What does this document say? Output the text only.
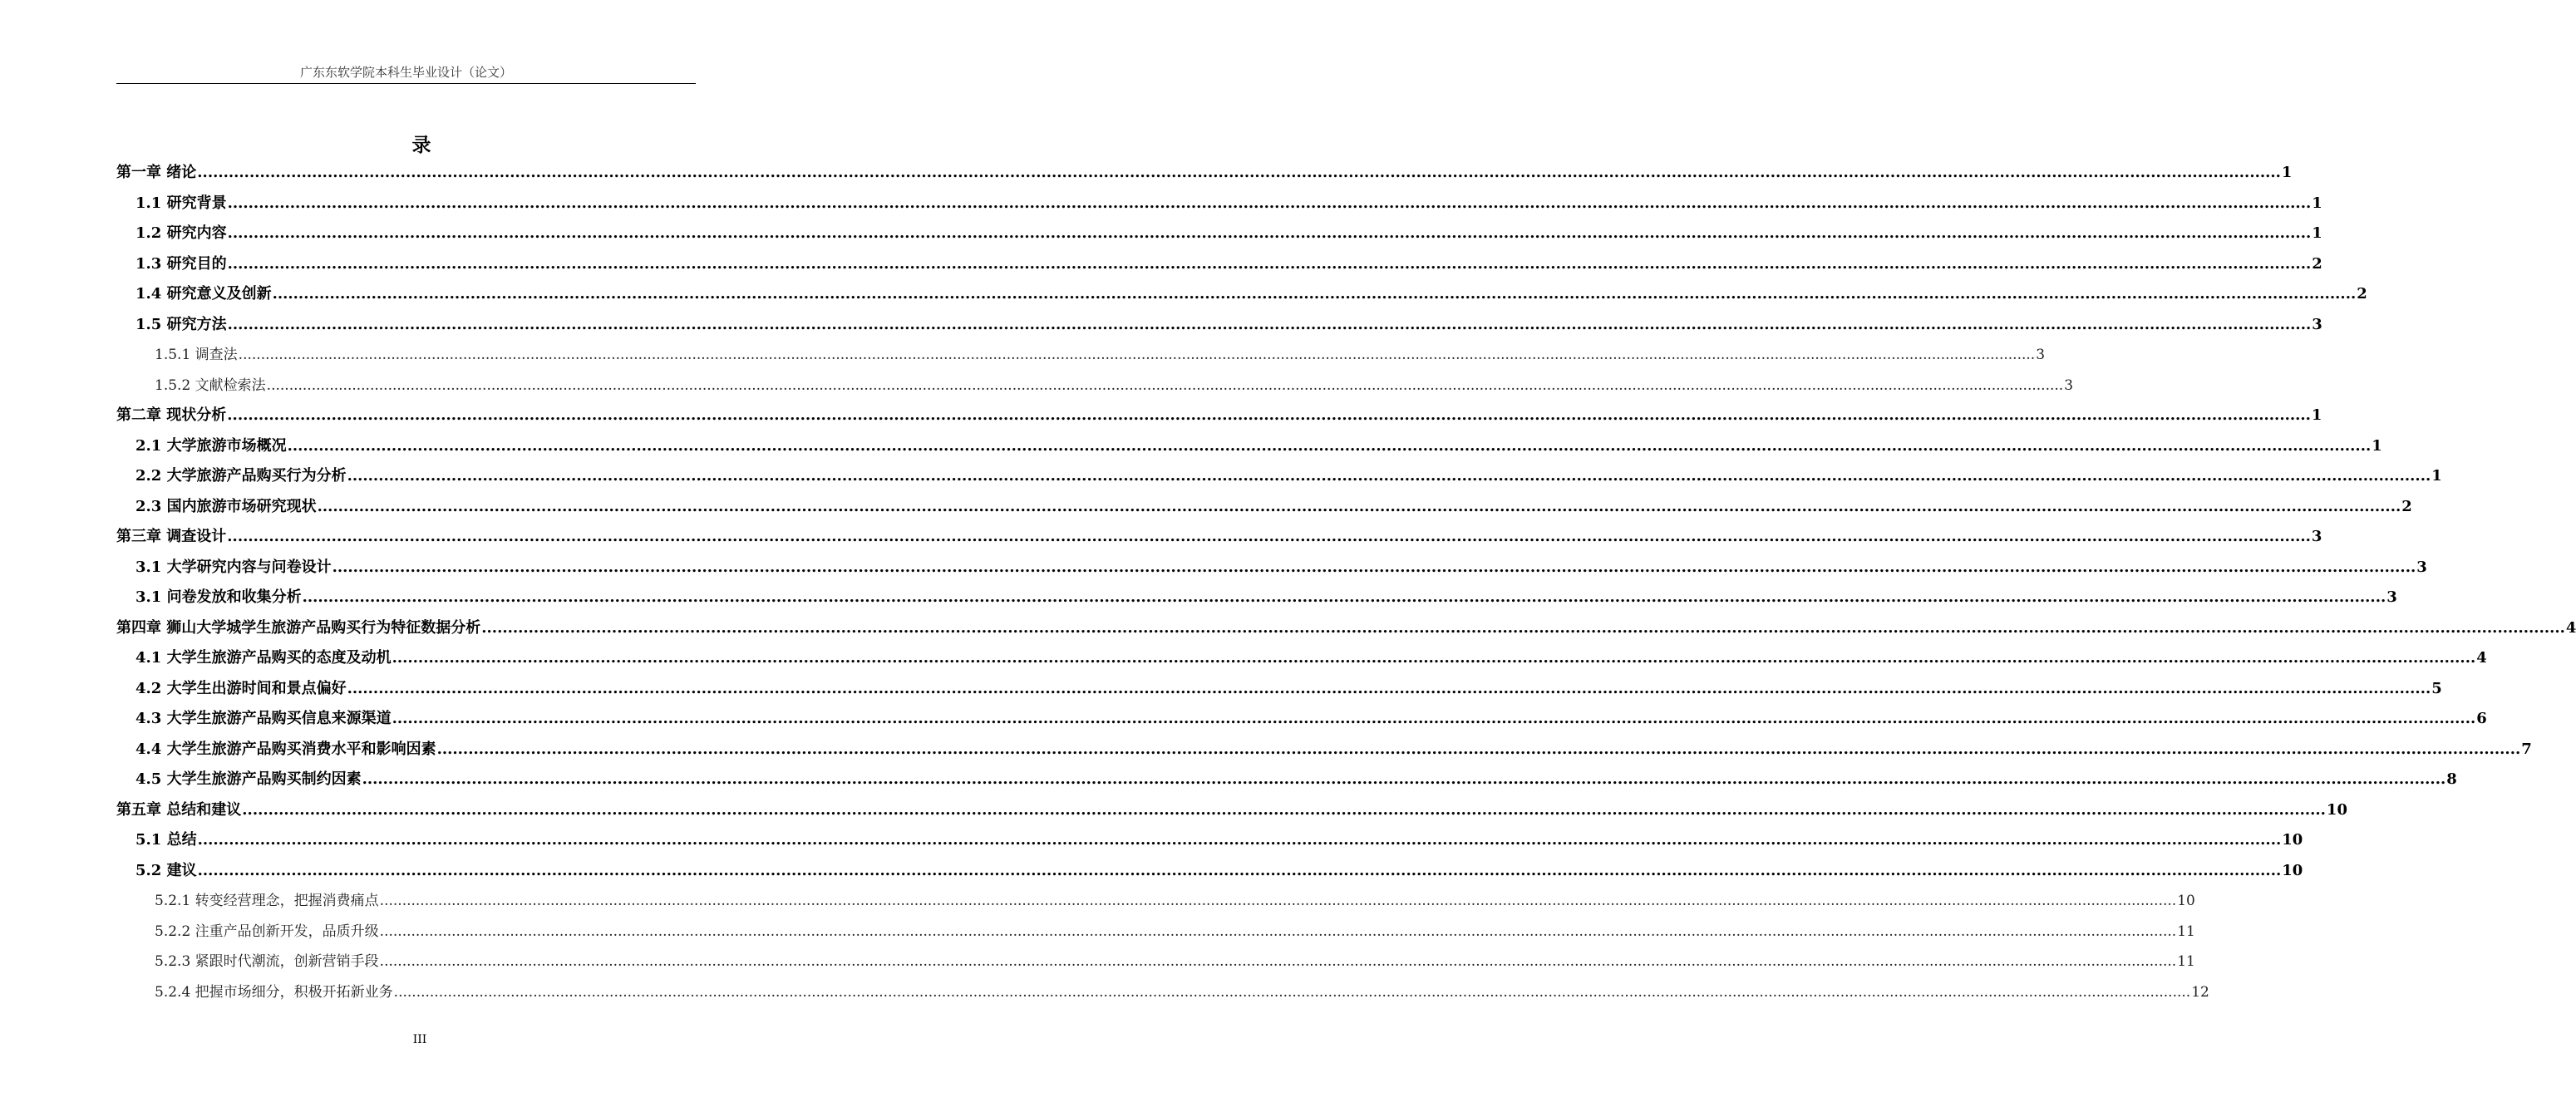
广东东软学院本科生毕业设计（论文）
录
第一章 绪论 ................................................................................................................................................................................................................................................................................................................................................................................................................ 1
1.1 研究背景 ................................................................................................................................................................................................................................................................................................................................................................................................................ 1
1.2 研究内容 ................................................................................................................................................................................................................................................................................................................................................................................................................ 1
1.3 研究目的 ................................................................................................................................................................................................................................................................................................................................................................................................................ 2
1.4 研究意义及创新 ................................................................................................................................................................................................................................................................................................................................................................................................................ 2
1.5 研究方法 ................................................................................................................................................................................................................................................................................................................................................................................................................ 3
1.5.1 调查法 ................................................................................................................................................................................................................................................................................................................................................................................................................ 3
1.5.2 文献检索法 ................................................................................................................................................................................................................................................................................................................................................................................................................ 3
第二章 现状分析 ................................................................................................................................................................................................................................................................................................................................................................................................................ 1
2.1 大学旅游市场概况 ................................................................................................................................................................................................................................................................................................................................................................................................................ 1
2.2 大学旅游产品购买行为分析 ................................................................................................................................................................................................................................................................................................................................................................................................................ 1
2.3 国内旅游市场研究现状 ................................................................................................................................................................................................................................................................................................................................................................................................................ 2
第三章 调查设计 ................................................................................................................................................................................................................................................................................................................................................................................................................ 3
3.1 大学研究内容与问卷设计 ................................................................................................................................................................................................................................................................................................................................................................................................................ 3
3.1 问卷发放和收集分析 ................................................................................................................................................................................................................................................................................................................................................................................................................ 3
第四章 狮山大学城学生旅游产品购买行为特征数据分析 ................................................................................................................................................................................................................................................................................................................................................................................................................ 4
4.1 大学生旅游产品购买的态度及动机 ................................................................................................................................................................................................................................................................................................................................................................................................................ 4
4.2 大学生出游时间和景点偏好 ................................................................................................................................................................................................................................................................................................................................................................................................................ 5
4.3 大学生旅游产品购买信息来源渠道 ................................................................................................................................................................................................................................................................................................................................................................................................................ 6
4.4 大学生旅游产品购买消费水平和影响因素 ................................................................................................................................................................................................................................................................................................................................................................................................................ 7
4.5 大学生旅游产品购买制约因素 ................................................................................................................................................................................................................................................................................................................................................................................................................ 8
第五章 总结和建议 ................................................................................................................................................................................................................................................................................................................................................................................................................ 10
5.1 总结 ................................................................................................................................................................................................................................................................................................................................................................................................................ 10
5.2 建议 ................................................................................................................................................................................................................................................................................................................................................................................................................ 10
5.2.1 转变经营理念，把握消费痛点 ................................................................................................................................................................................................................................................................................................................................................................................................................ 10
5.2.2 注重产品创新开发，品质升级 ................................................................................................................................................................................................................................................................................................................................................................................................................ 11
5.2.3 紧跟时代潮流，创新营销手段 ................................................................................................................................................................................................................................................................................................................................................................................................................ 11
5.2.4 把握市场细分，积极开拓新业务 ................................................................................................................................................................................................................................................................................................................................................................................................................ 12
III
